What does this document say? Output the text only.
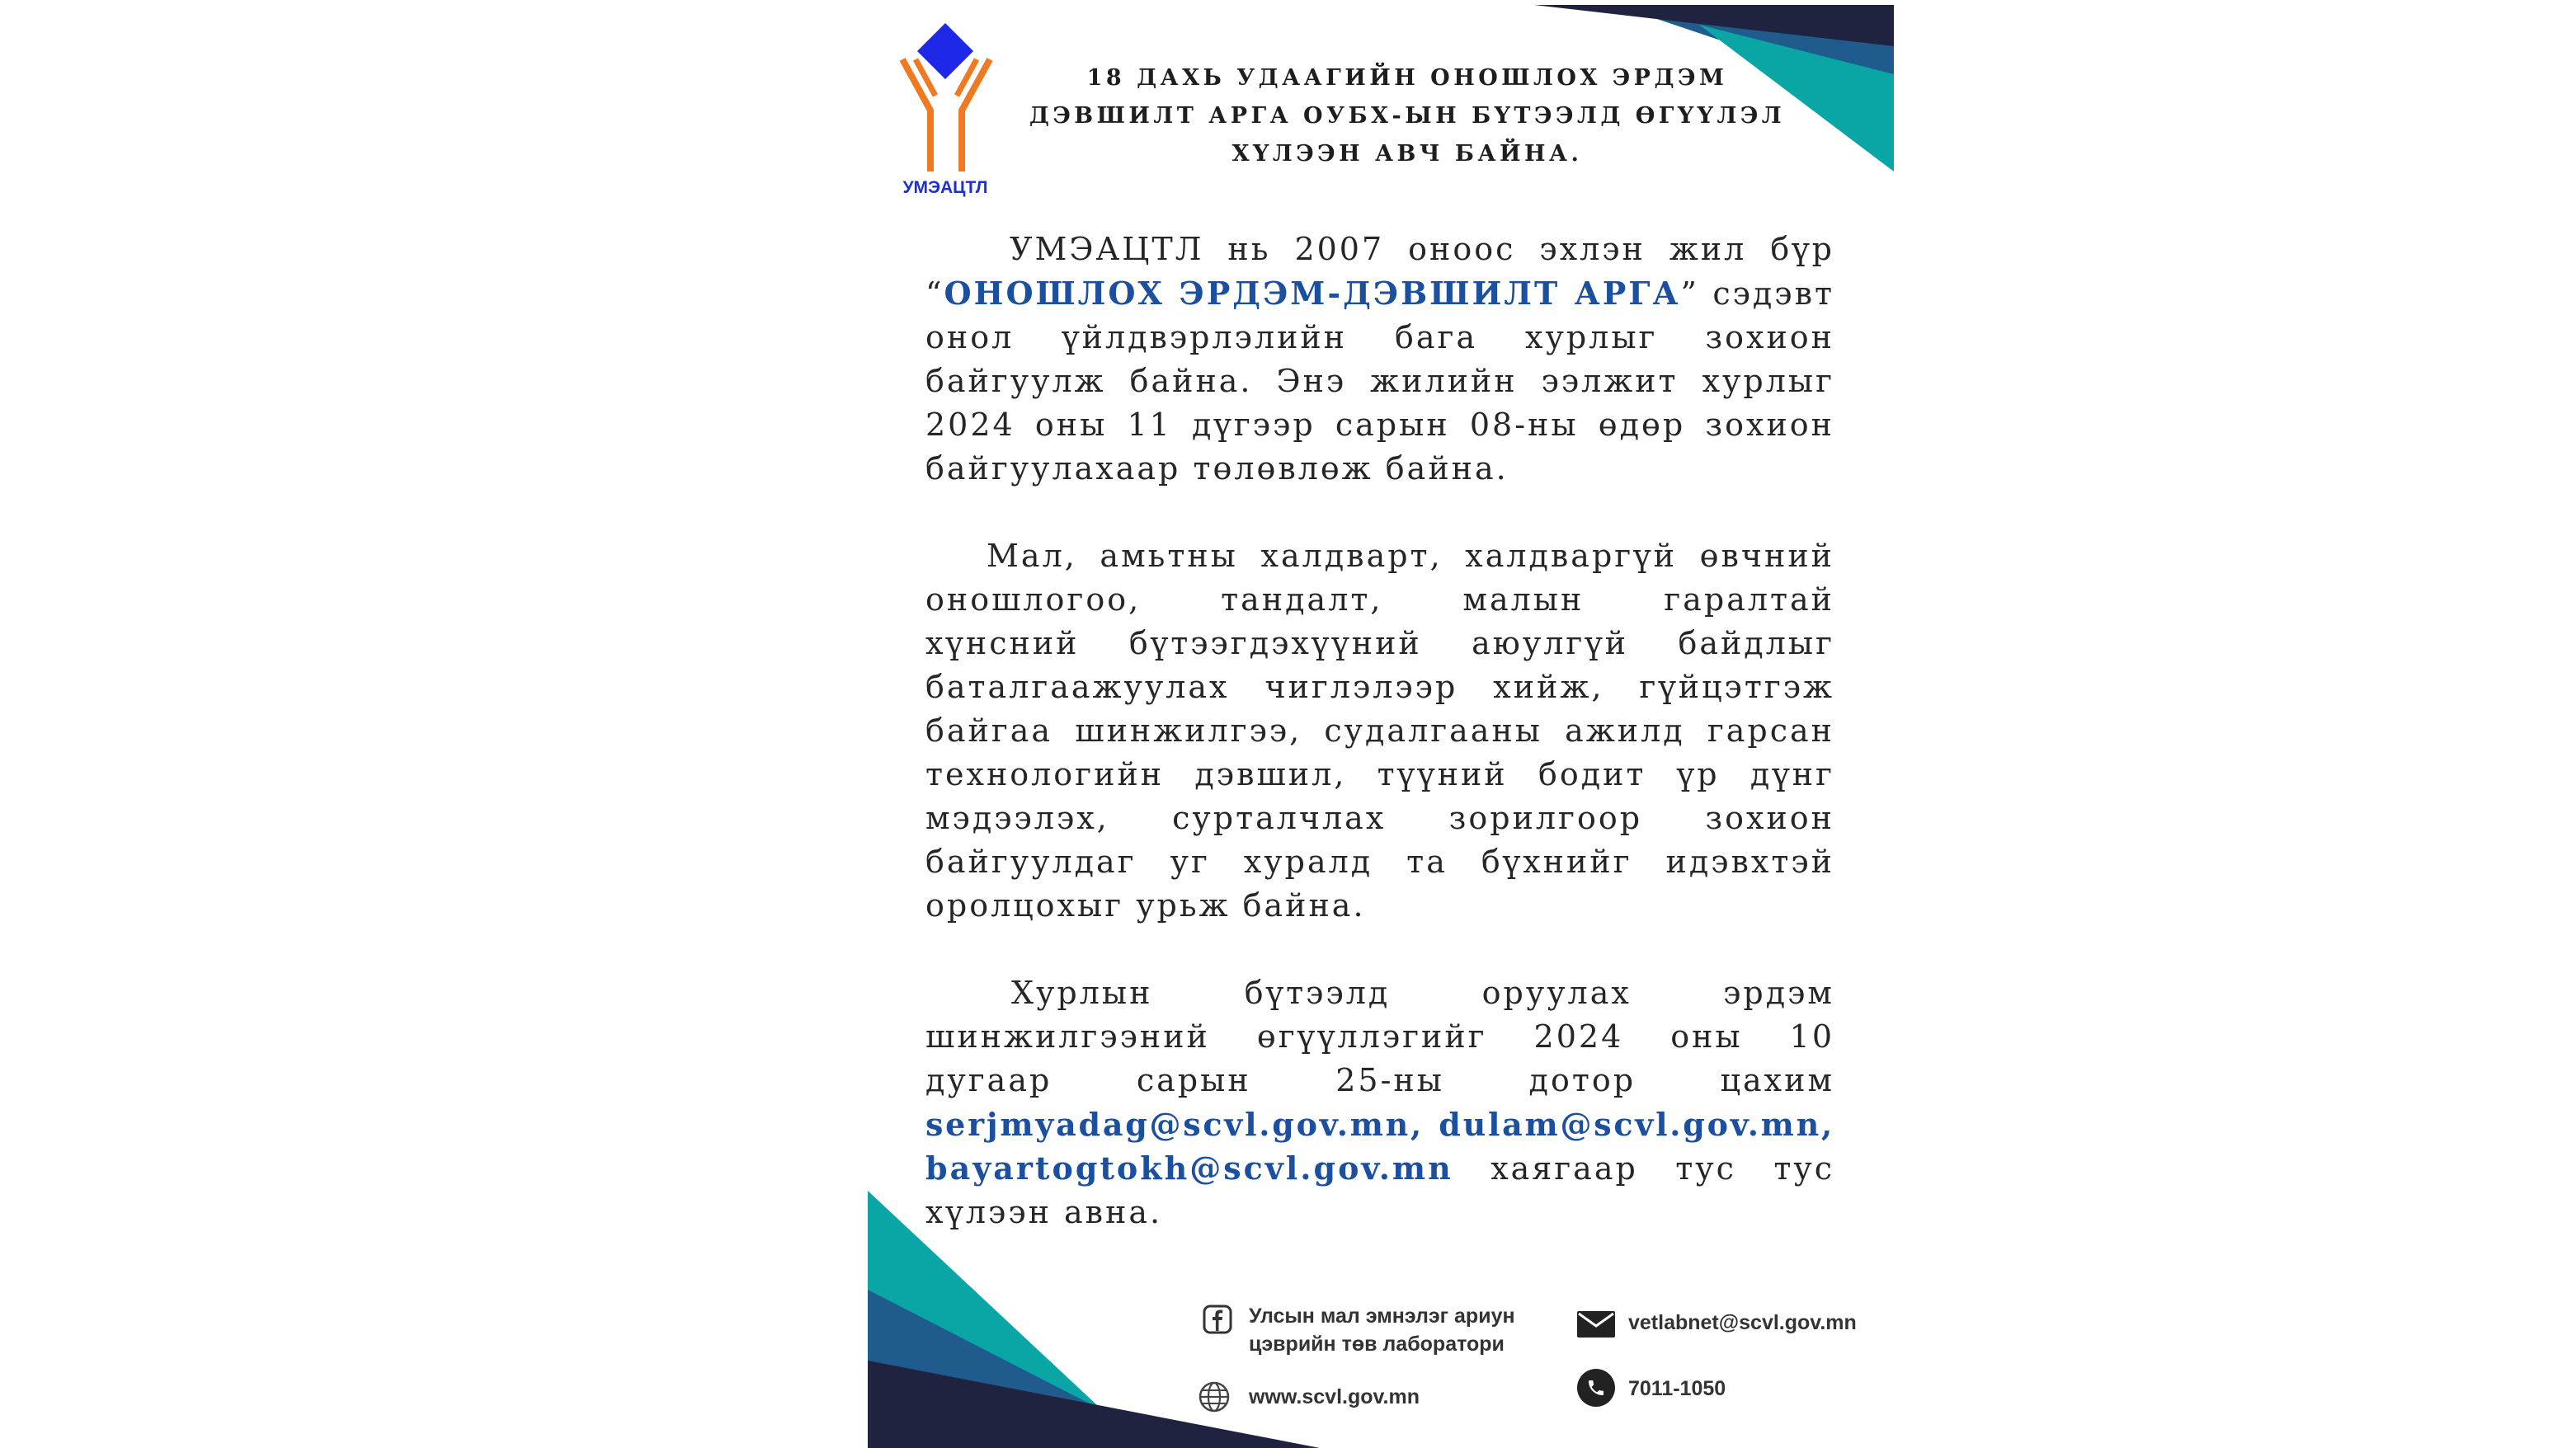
УМЭАЦТЛ
18 ДАХЬ УДААГИЙН ОНОШЛОХ ЭРДЭМ
ДЭВШИЛТ АРГА ОУБХ-ЫН БҮТЭЭЛД ӨГҮҮЛЭЛ
ХҮЛЭЭН АВЧ БАЙНА.
УМЭАЦТЛ нь 2007 оноос эхлэн жил бүр
“ОНОШЛОХ ЭРДЭМ-ДЭВШИЛТ АРГА” сэдэвт
онол үйлдвэрлэлийн бага хурлыг зохион
байгуулж байна. Энэ жилийн ээлжит хурлыг
2024 оны 11 дүгээр сарын 08-ны өдөр зохион
байгуулахаар төлөвлөж байна.
Мал, амьтны халдварт, халдваргүй өвчний
оношлогоо, тандалт, малын гаралтай
хүнсний бүтээгдэхүүний аюулгүй байдлыг
баталгаажуулах чиглэлээр хийж, гүйцэтгэж
байгаа шинжилгээ, судалгааны ажилд гарсан
технологийн дэвшил, түүний бодит үр дүнг
мэдээлэх, сурталчлах зорилгоор зохион
байгуулдаг уг хуралд та бүхнийг идэвхтэй
оролцохыг урьж байна.
Хурлын бүтээлд оруулах эрдэм
шинжилгээний өгүүллэгийг 2024 оны 10
дугаар сарын 25-ны дотор цахим
serjmyadag@scvl.gov.mn, dulam@scvl.gov.mn,
bayartogtokh@scvl.gov.mn хаягаар тус тус
хүлээн авна.
Улсын мал эмнэлэг ариун
цэврийн төв лаборатори
www.scvl.gov.mn
vetlabnet@scvl.gov.mn
7011-1050
